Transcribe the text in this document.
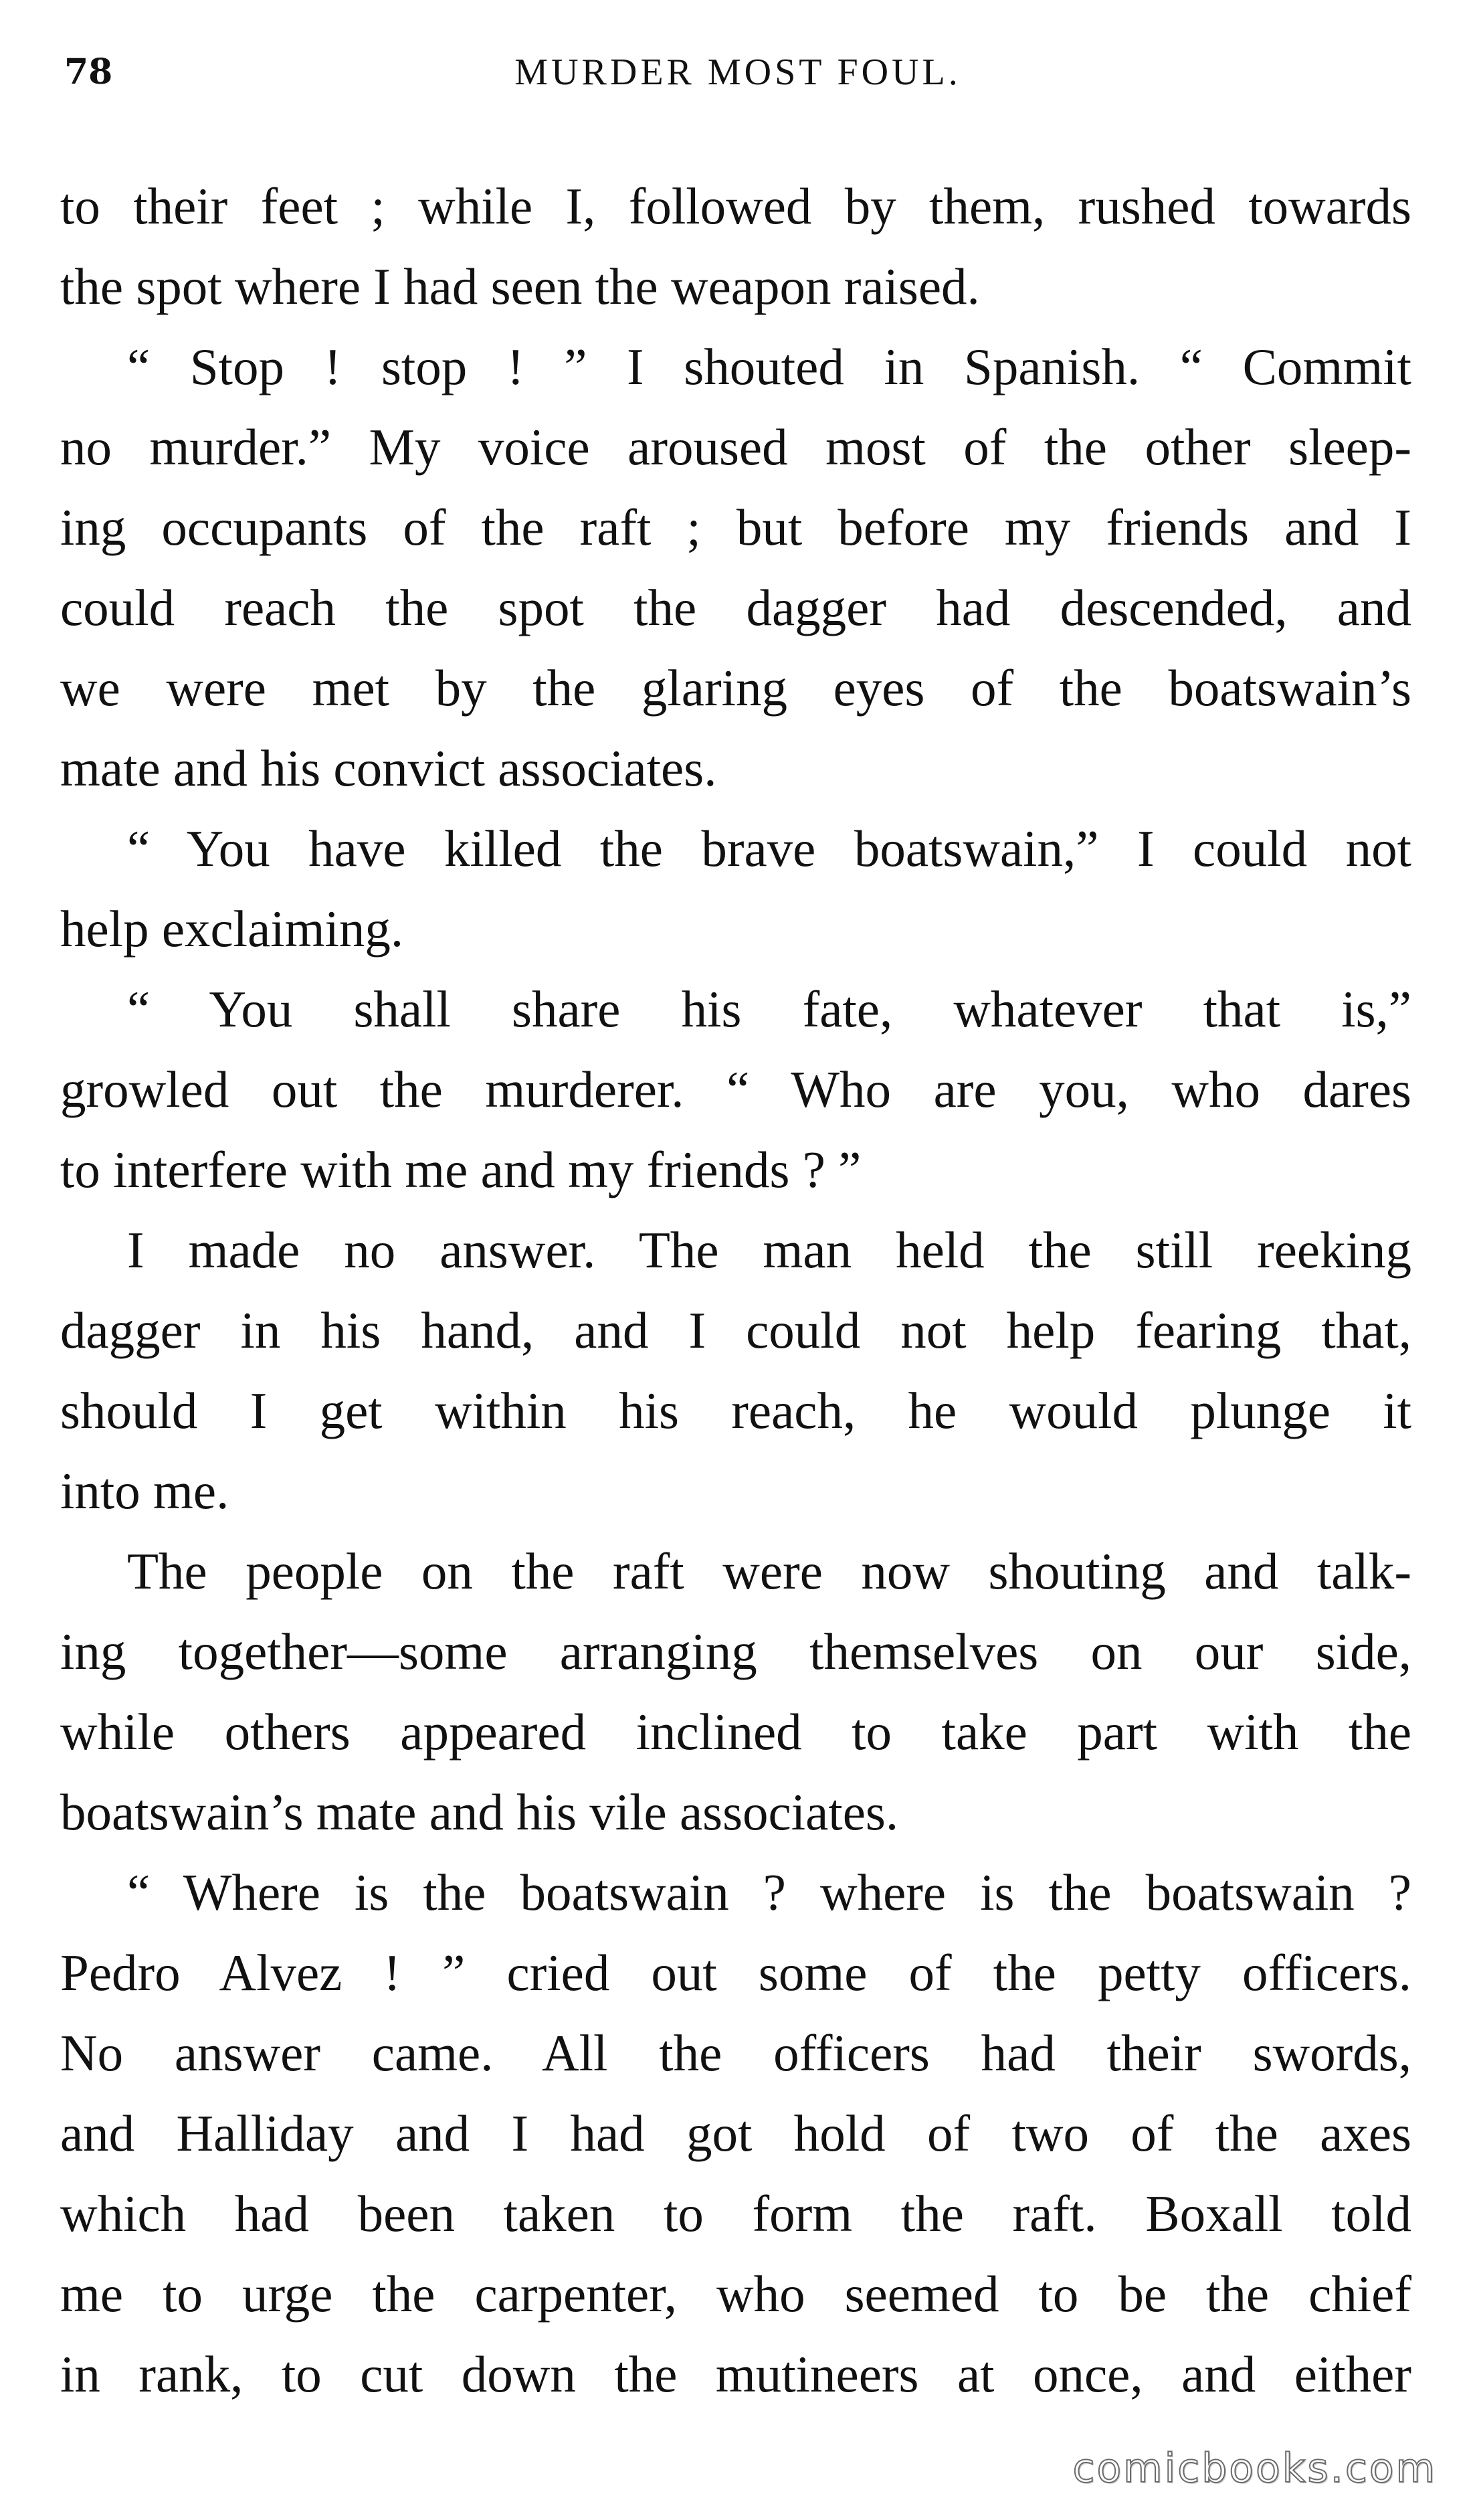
78	MURDER MOST FOUL.
to their feet ; while I, followed by them, rushed towards
the spot where I had seen the weapon raised.
“ Stop ! stop ! ” I shouted in Spanish. “ Commit
no murder.” My voice aroused most of the other sleep-
ing occupants of the raft ; but before my friends and I
could reach the spot the dagger had descended, and
we were met by the glaring eyes of the boatswain’s
mate and his convict associates.
“ You have killed the brave boatswain,” I could not
help exclaiming.
“ You shall share his fate, whatever that is,”
growled out the murderer. “ Who are you, who dares
to interfere with me and my friends ? ”
I made no answer. The man held the still reeking
dagger in his hand, and I could not help fearing that,
should I get within his reach, he would plunge it
into me.
The people on the raft were now shouting and talk-
ing together—some arranging themselves on our side,
while others appeared inclined to take part with the
boatswain’s mate and his vile associates.
“ Where is the boatswain ? where is the boatswain ?
Pedro Alvez ! ” cried out some of the petty officers.
No answer came. All the officers had their swords,
and Halliday and I had got hold of two of the axes
which had been taken to form the raft. Boxall told
me to urge the carpenter, who seemed to be the chief
in rank, to cut down the mutineers at once, and either
comicbooks.com
